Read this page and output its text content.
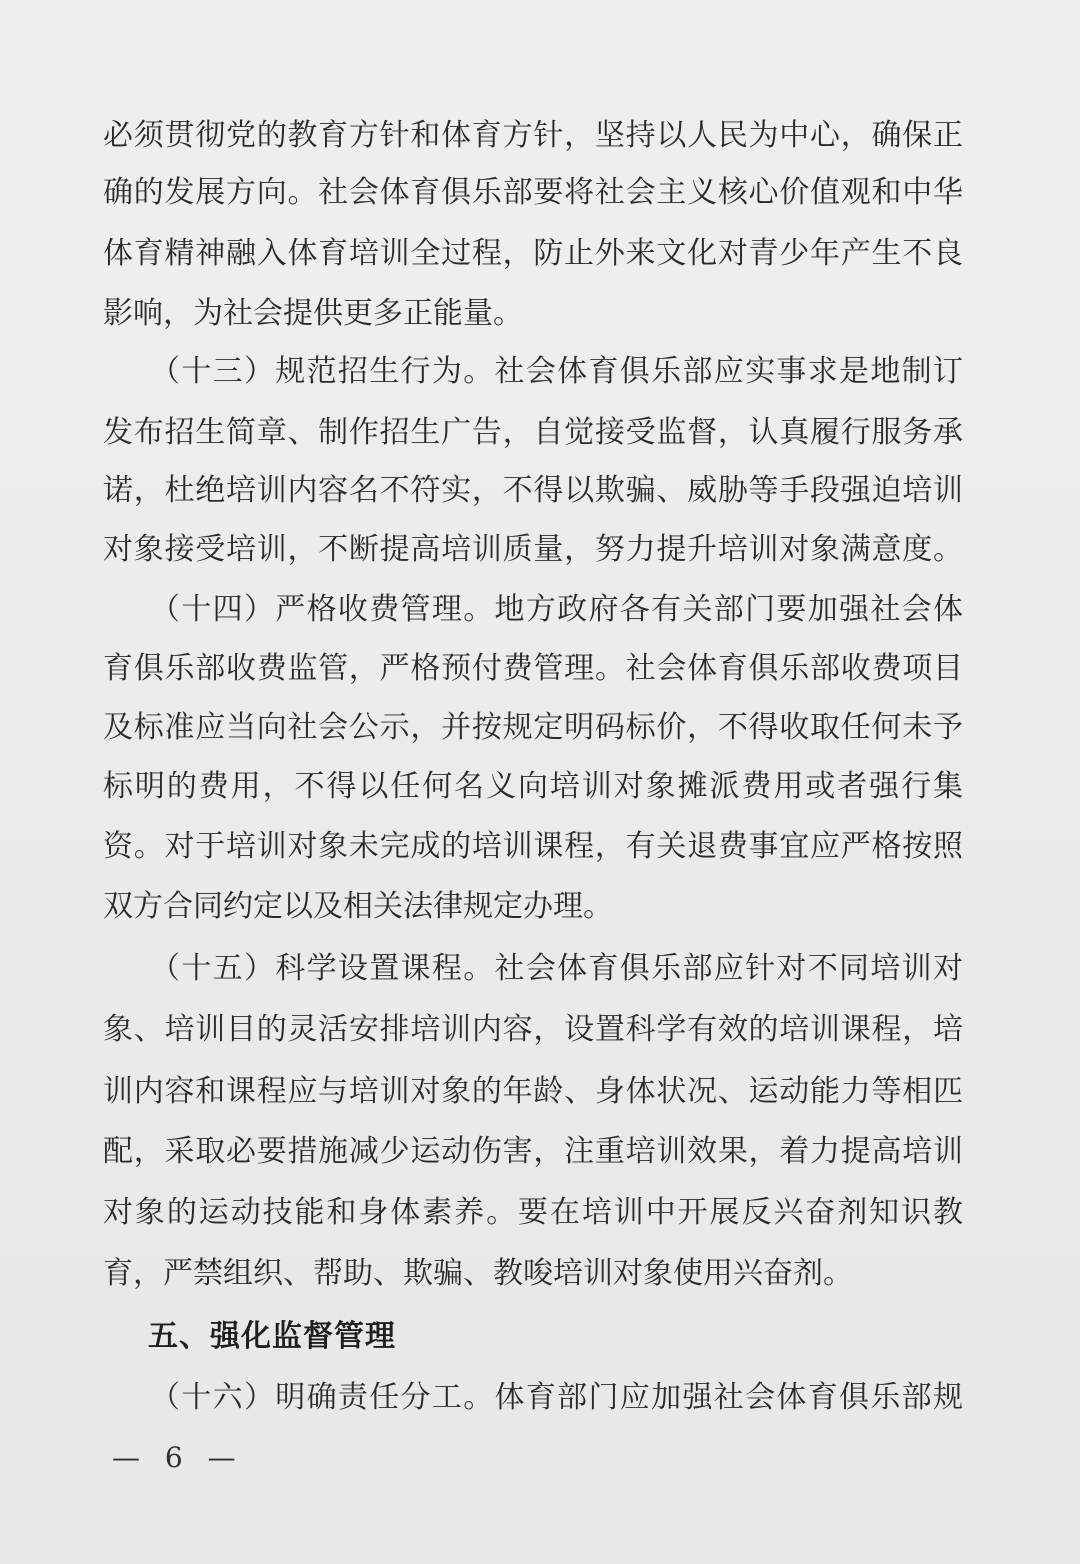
必须贯彻党的教育方针和体育方针，坚持以人民为中心，确保正
确的发展方向。社会体育俱乐部要将社会主义核心价值观和中华
体育精神融入体育培训全过程，防止外来文化对青少年产生不良
影响，为社会提供更多正能量。
（十三）规范招生行为。社会体育俱乐部应实事求是地制订
发布招生简章、制作招生广告，自觉接受监督，认真履行服务承
诺，杜绝培训内容名不符实，不得以欺骗、威胁等手段强迫培训
对象接受培训，不断提高培训质量，努力提升培训对象满意度。
（十四）严格收费管理。地方政府各有关部门要加强社会体
育俱乐部收费监管，严格预付费管理。社会体育俱乐部收费项目
及标准应当向社会公示，并按规定明码标价，不得收取任何未予
标明的费用，不得以任何名义向培训对象摊派费用或者强行集
资。对于培训对象未完成的培训课程，有关退费事宜应严格按照
双方合同约定以及相关法律规定办理。
（十五）科学设置课程。社会体育俱乐部应针对不同培训对
象、培训目的灵活安排培训内容，设置科学有效的培训课程，培
训内容和课程应与培训对象的年龄、身体状况、运动能力等相匹
配，采取必要措施减少运动伤害，注重培训效果，着力提高培训
对象的运动技能和身体素养。要在培训中开展反兴奋剂知识教
育，严禁组织、帮助、欺骗、教唆培训对象使用兴奋剂。
五、强化监督管理
（十六）明确责任分工。体育部门应加强社会体育俱乐部规
— 6 —
